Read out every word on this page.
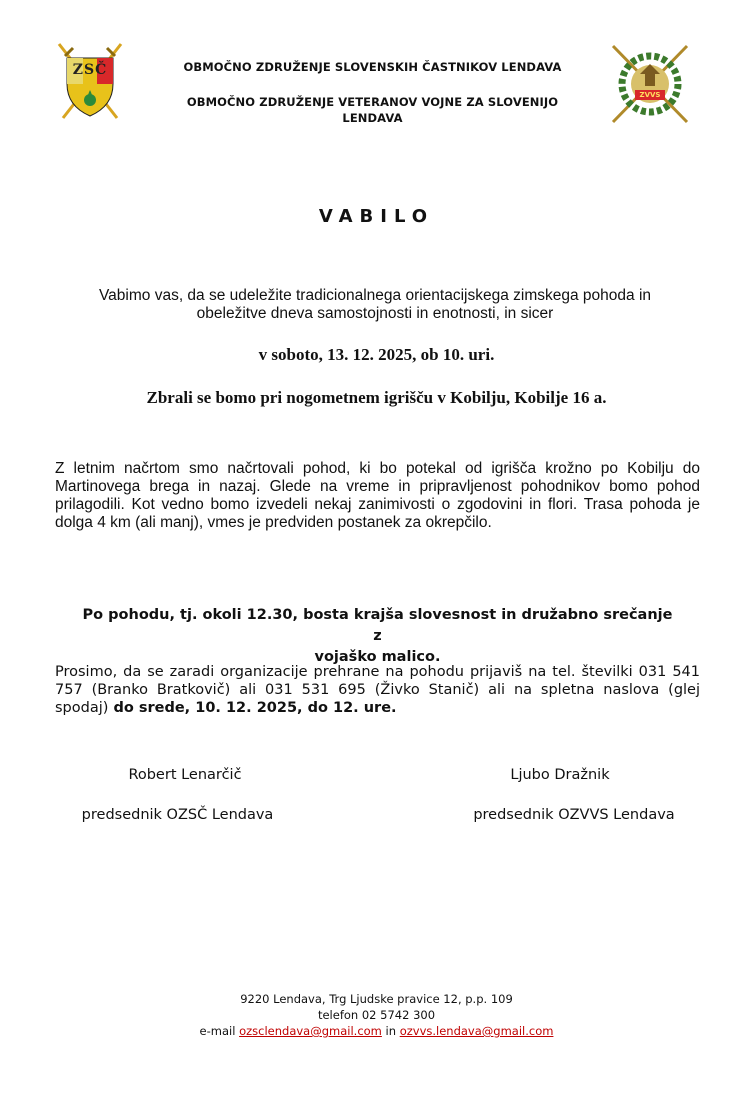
ZSČ	OBMOČNO ZDRUŽENJE SLOVENSKIH ČASTNIKOV LENDAVA
OBMOČNO ZDRUŽENJE VETERANOV VOJNE ZA SLOVENIJO
LENDAVA
ZVVS
VABILO
Vabimo vas, da se udeležite tradicionalnega orientacijskega zimskega pohoda in
obeležitve dneva samostojnosti in enotnosti, in sicer
v soboto, 13. 12. 2025, ob 10. uri.
Zbrali se bomo pri nogometnem igrišču v Kobilju, Kobilje 16 a.
Z letnim načrtom smo načrtovali pohod, ki bo potekal od igrišča krožno po Kobilju do Martinovega brega in nazaj. Glede na vreme in pripravljenost pohodnikov bomo pohod prilagodili. Kot vedno bomo izvedeli nekaj zanimivosti o zgodovini in flori. Trasa pohoda je dolga 4 km (ali manj), vmes je predviden postanek za okrepčilo.
Po pohodu, tj. okoli 12.30, bosta krajša slovesnost in družabno srečanje z
vojaško malico.
Prosimo, da se zaradi organizacije prehrane na pohodu prijaviš na tel. številki 031 541 757 (Branko Bratkovič) ali 031 531 695 (Živko Stanič) ali na spletna naslova (glej spodaj) do srede, 10. 12. 2025, do 12. ure.
Robert Lenarčič
predsednik OZSČ Lendava
Ljubo Dražnik
predsednik OZVVS Lendava
9220 Lendava, Trg Ljudske pravice 12, p.p. 109
telefon 02 5742 300
e-mail ozsclendava@gmail.com in ozvvs.lendava@gmail.com
